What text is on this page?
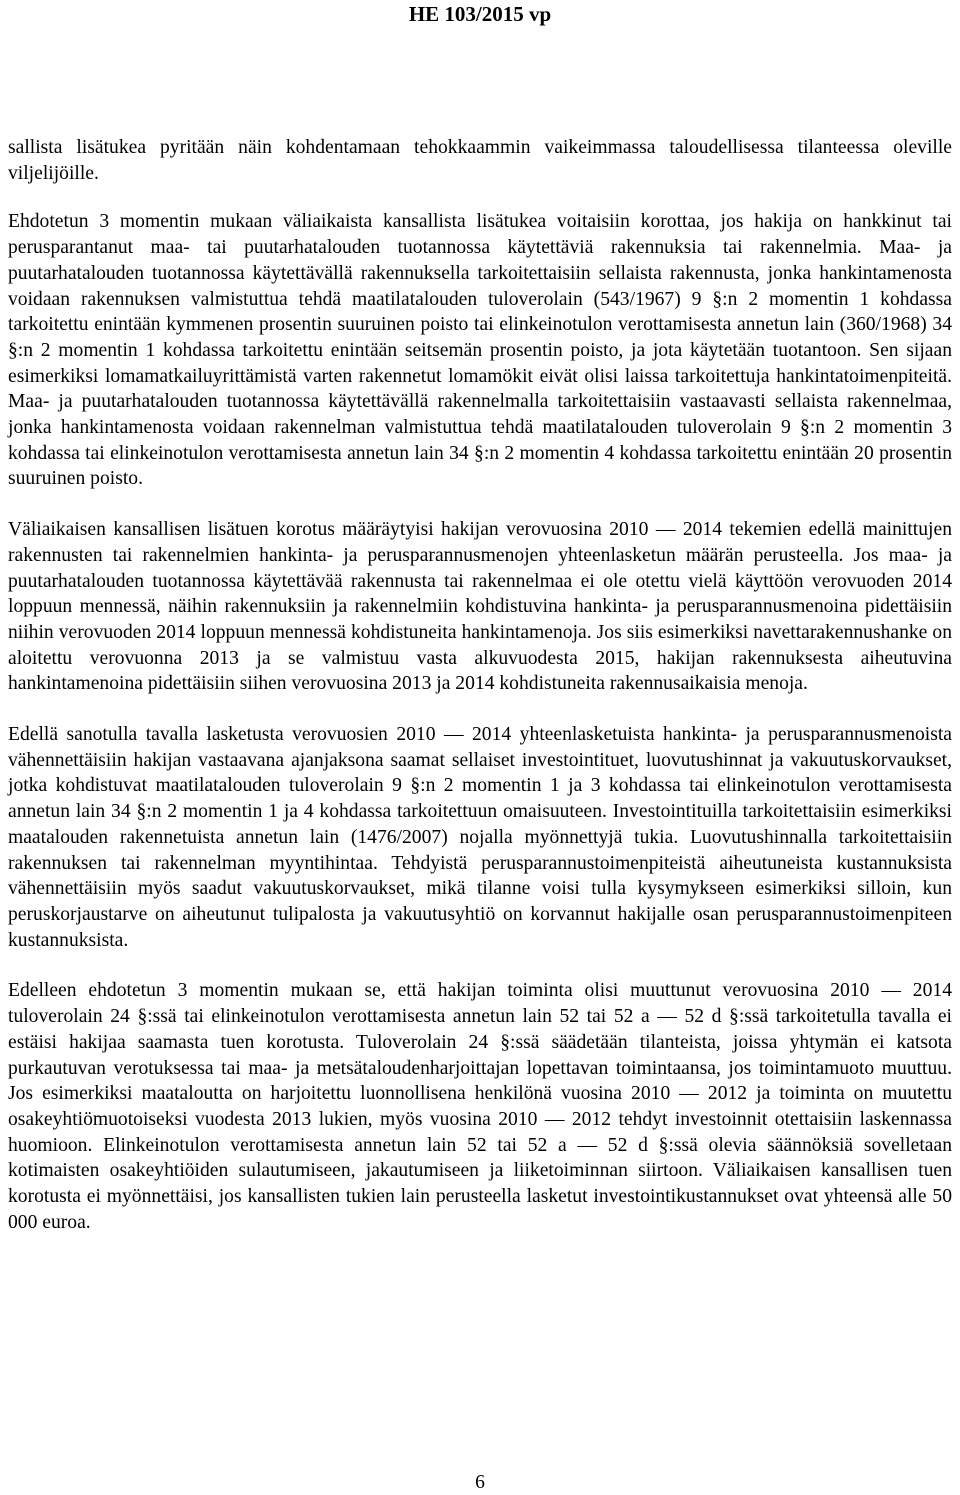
HE 103/2015 vp

sallista lisätukea pyritään näin kohdentamaan tehokkaammin vaikeimmassa taloudellisessa tilanteessa oleville viljelijöille.

Ehdotetun 3 momentin mukaan väliaikaista kansallista lisätukea voitaisiin korottaa, jos hakija on hankkinut tai perusparantanut maa- tai puutarhatalouden tuotannossa käytettäviä rakennuksia tai rakennelmia. Maa- ja puutarhatalouden tuotannossa käytettävällä rakennuksella tarkoitettaisiin sellaista rakennusta, jonka hankintamenosta voidaan rakennuksen valmistuttua tehdä maatilatalouden tuloverolain (543/1967) 9 §:n 2 momentin 1 kohdassa tarkoitettu enintään kymmenen prosentin suuruinen poisto tai elinkeinotulon verottamisesta annetun lain (360/1968) 34 §:n 2 momentin 1 kohdassa tarkoitettu enintään seitsemän prosentin poisto, ja jota käytetään tuotantoon. Sen sijaan esimerkiksi lomamatkailuyrittämistä varten rakennetut lomamökit eivät olisi laissa tarkoitettuja hankintatoimenpiteitä. Maa- ja puutarhatalouden tuotannossa käytettävällä rakennelmalla tarkoitettaisiin vastaavasti sellaista rakennelmaa, jonka hankintamenosta voidaan rakennelman valmistuttua tehdä maatilatalouden tuloverolain 9 §:n 2 momentin 3 kohdassa tai elinkeinotulon verottamisesta annetun lain 34 §:n 2 momentin 4 kohdassa tarkoitettu enintään 20 prosentin suuruinen poisto.

Väliaikaisen kansallisen lisätuen korotus määräytyisi hakijan verovuosina 2010 — 2014 tekemien edellä mainittujen rakennusten tai rakennelmien hankinta- ja perusparannusmenojen yhteenlasketun määrän perusteella. Jos maa- ja puutarhatalouden tuotannossa käytettävää rakennusta tai rakennelmaa ei ole otettu vielä käyttöön verovuoden 2014 loppuun mennessä, näihin rakennuksiin ja rakennelmiin kohdistuvina hankinta- ja perusparannusmenoina pidettäisiin niihin verovuoden 2014 loppuun mennessä kohdistuneita hankintamenoja. Jos siis esimerkiksi navettarakennushanke on aloitettu verovuonna 2013 ja se valmistuu vasta alkuvuodesta 2015, hakijan rakennuksesta aiheutuvina hankintamenoina pidettäisiin siihen verovuosina 2013 ja 2014 kohdistuneita rakennusaikaisia menoja.

Edellä sanotulla tavalla lasketusta verovuosien 2010 — 2014 yhteenlasketuista hankinta- ja perusparannusmenoista vähennettäisiin hakijan vastaavana ajanjaksona saamat sellaiset investointituet, luovutushinnat ja vakuutuskorvaukset, jotka kohdistuvat maatilatalouden tuloverolain 9 §:n 2 momentin 1 ja 3 kohdassa tai elinkeinotulon verottamisesta annetun lain 34 §:n 2 momentin 1 ja 4 kohdassa tarkoitettuun omaisuuteen. Investointituilla tarkoitettaisiin esimerkiksi maatalouden rakennetuista annetun lain (1476/2007) nojalla myönnettyjä tukia. Luovutushinnalla tarkoitettaisiin rakennuksen tai rakennelman myyntihintaa. Tehdyistä perusparannustoimenpiteistä aiheutuneista kustannuksista vähennettäisiin myös saadut vakuutuskorvaukset, mikä tilanne voisi tulla kysymykseen esimerkiksi silloin, kun peruskorjaustarve on aiheutunut tulipalosta ja vakuutusyhtiö on korvannut hakijalle osan perusparannustoimenpiteen kustannuksista.

Edelleen ehdotetun 3 momentin mukaan se, että hakijan toiminta olisi muuttunut verovuosina 2010 — 2014 tuloverolain 24 §:ssä tai elinkeinotulon verottamisesta annetun lain 52 tai 52 a — 52 d §:ssä tarkoitetulla tavalla ei estäisi hakijaa saamasta tuen korotusta. Tuloverolain 24 §:ssä säädetään tilanteista, joissa yhtymän ei katsota purkautuvan verotuksessa tai maa- ja metsätaloudenharjoittajan lopettavan toimintaansa, jos toimintamuoto muuttuu. Jos esimerkiksi maataloutta on harjoitettu luonnollisena henkilönä vuosina 2010 — 2012 ja toiminta on muutettu osakeyhtiömuotoiseksi vuodesta 2013 lukien, myös vuosina 2010 — 2012 tehdyt investoinnit otettaisiin laskennassa huomioon. Elinkeinotulon verottamisesta annetun lain 52 tai 52 a — 52 d §:ssä olevia säännöksiä sovelletaan kotimaisten osakeyhtiöiden sulautumiseen, jakautumiseen ja liiketoiminnan siirtoon. Väliaikaisen kansallisen tuen korotusta ei myönnettäisi, jos kansallisten tukien lain perusteella lasketut investointikustannukset ovat yhteensä alle 50 000 euroa.

6
